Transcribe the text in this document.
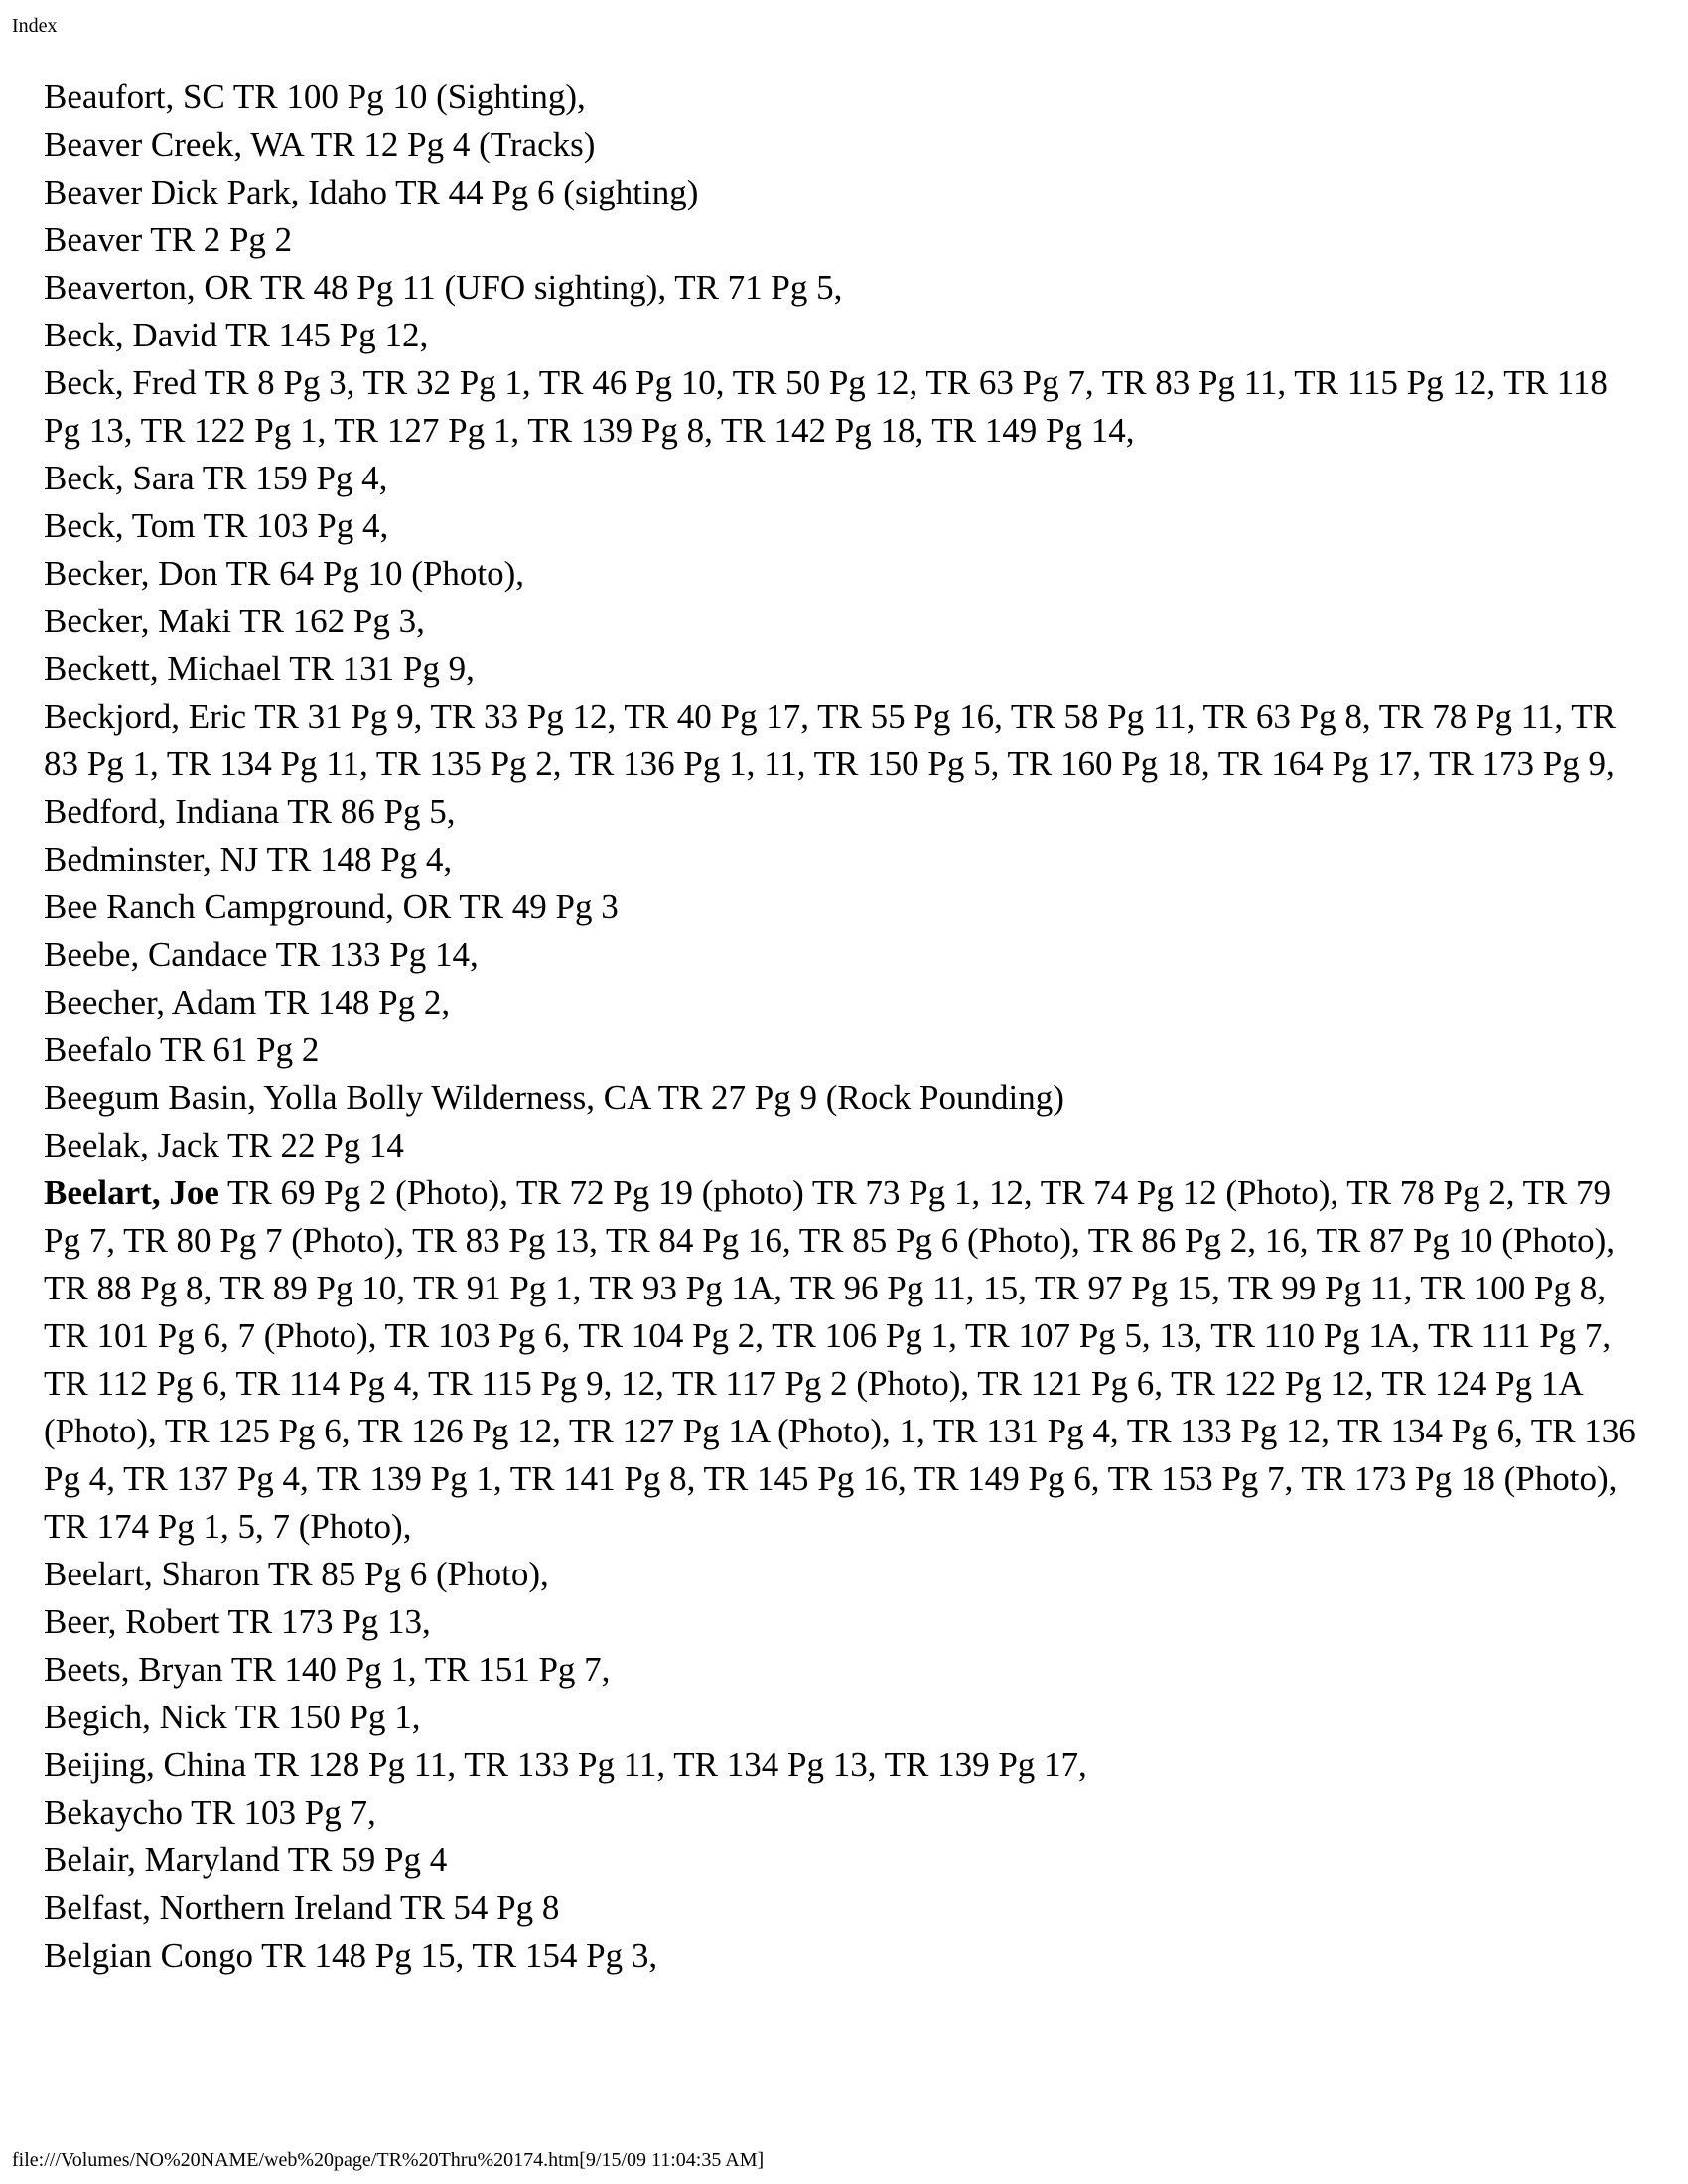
Index

Beaufort, SC TR 100 Pg 10 (Sighting),

Beaver Creek, WA TR 12 Pg 4 (Tracks)

Beaver Dick Park, Idaho TR 44 Pg 6 (sighting)

Beaver TR 2 Pg 2

Beaverton, OR TR 48 Pg 11 (UFO sighting), TR 71 Pg 5,

Beck, David TR 145 Pg 12,

Beck, Fred TR 8 Pg 3, TR 32 Pg 1, TR 46 Pg 10, TR 50 Pg 12, TR 63 Pg 7, TR 83 Pg 11, TR 115 Pg 12, TR 118 Pg 13, TR 122 Pg 1, TR 127 Pg 1, TR 139 Pg 8, TR 142 Pg 18, TR 149 Pg 14,

Beck, Sara TR 159 Pg 4,

Beck, Tom TR 103 Pg 4,

Becker, Don TR 64 Pg 10 (Photo),

Becker, Maki TR 162 Pg 3,

Beckett, Michael TR 131 Pg 9,

Beckjord, Eric TR 31 Pg 9, TR 33 Pg 12, TR 40 Pg 17, TR 55 Pg 16, TR 58 Pg 11, TR 63 Pg 8, TR 78 Pg 11, TR 83 Pg 1, TR 134 Pg 11, TR 135 Pg 2, TR 136 Pg 1, 11, TR 150 Pg 5, TR 160 Pg 18, TR 164 Pg 17, TR 173 Pg 9,

Bedford, Indiana TR 86 Pg 5,

Bedminster, NJ TR 148 Pg 4,

Bee Ranch Campground, OR TR 49 Pg 3

Beebe, Candace TR 133 Pg 14,

Beecher, Adam TR 148 Pg 2,

Beefalo TR 61 Pg 2

Beegum Basin, Yolla Bolly Wilderness, CA TR 27 Pg 9 (Rock Pounding)

Beelak, Jack TR 22 Pg 14

Beelart, Joe TR 69 Pg 2 (Photo), TR 72 Pg 19 (photo) TR 73 Pg 1, 12, TR 74 Pg 12 (Photo), TR 78 Pg 2, TR 79 Pg 7, TR 80 Pg 7 (Photo), TR 83 Pg 13, TR 84 Pg 16, TR 85 Pg 6 (Photo), TR 86 Pg 2, 16, TR 87 Pg 10 (Photo), TR 88 Pg 8, TR 89 Pg 10, TR 91 Pg 1, TR 93 Pg 1A, TR 96 Pg 11, 15, TR 97 Pg 15, TR 99 Pg 11, TR 100 Pg 8, TR 101 Pg 6, 7 (Photo), TR 103 Pg 6, TR 104 Pg 2, TR 106 Pg 1, TR 107 Pg 5, 13, TR 110 Pg 1A, TR 111 Pg 7, TR 112 Pg 6, TR 114 Pg 4, TR 115 Pg 9, 12, TR 117 Pg 2 (Photo), TR 121 Pg 6, TR 122 Pg 12, TR 124 Pg 1A (Photo), TR 125 Pg 6, TR 126 Pg 12, TR 127 Pg 1A (Photo), 1, TR 131 Pg 4, TR 133 Pg 12, TR 134 Pg 6, TR 136 Pg 4, TR 137 Pg 4, TR 139 Pg 1, TR 141 Pg 8, TR 145 Pg 16, TR 149 Pg 6, TR 153 Pg 7, TR 173 Pg 18 (Photo), TR 174 Pg 1, 5, 7 (Photo),

Beelart, Sharon TR 85 Pg 6 (Photo),

Beer, Robert TR 173 Pg 13,

Beets, Bryan TR 140 Pg 1, TR 151 Pg 7,

Begich, Nick TR 150 Pg 1,

Beijing, China TR 128 Pg 11, TR 133 Pg 11, TR 134 Pg 13, TR 139 Pg 17,

Bekaycho TR 103 Pg 7,

Belair, Maryland TR 59 Pg 4

Belfast, Northern Ireland TR 54 Pg 8

Belgian Congo TR 148 Pg 15, TR 154 Pg 3,

file:///Volumes/NO%20NAME/web%20page/TR%20Thru%20174.htm[9/15/09 11:04:35 AM]
